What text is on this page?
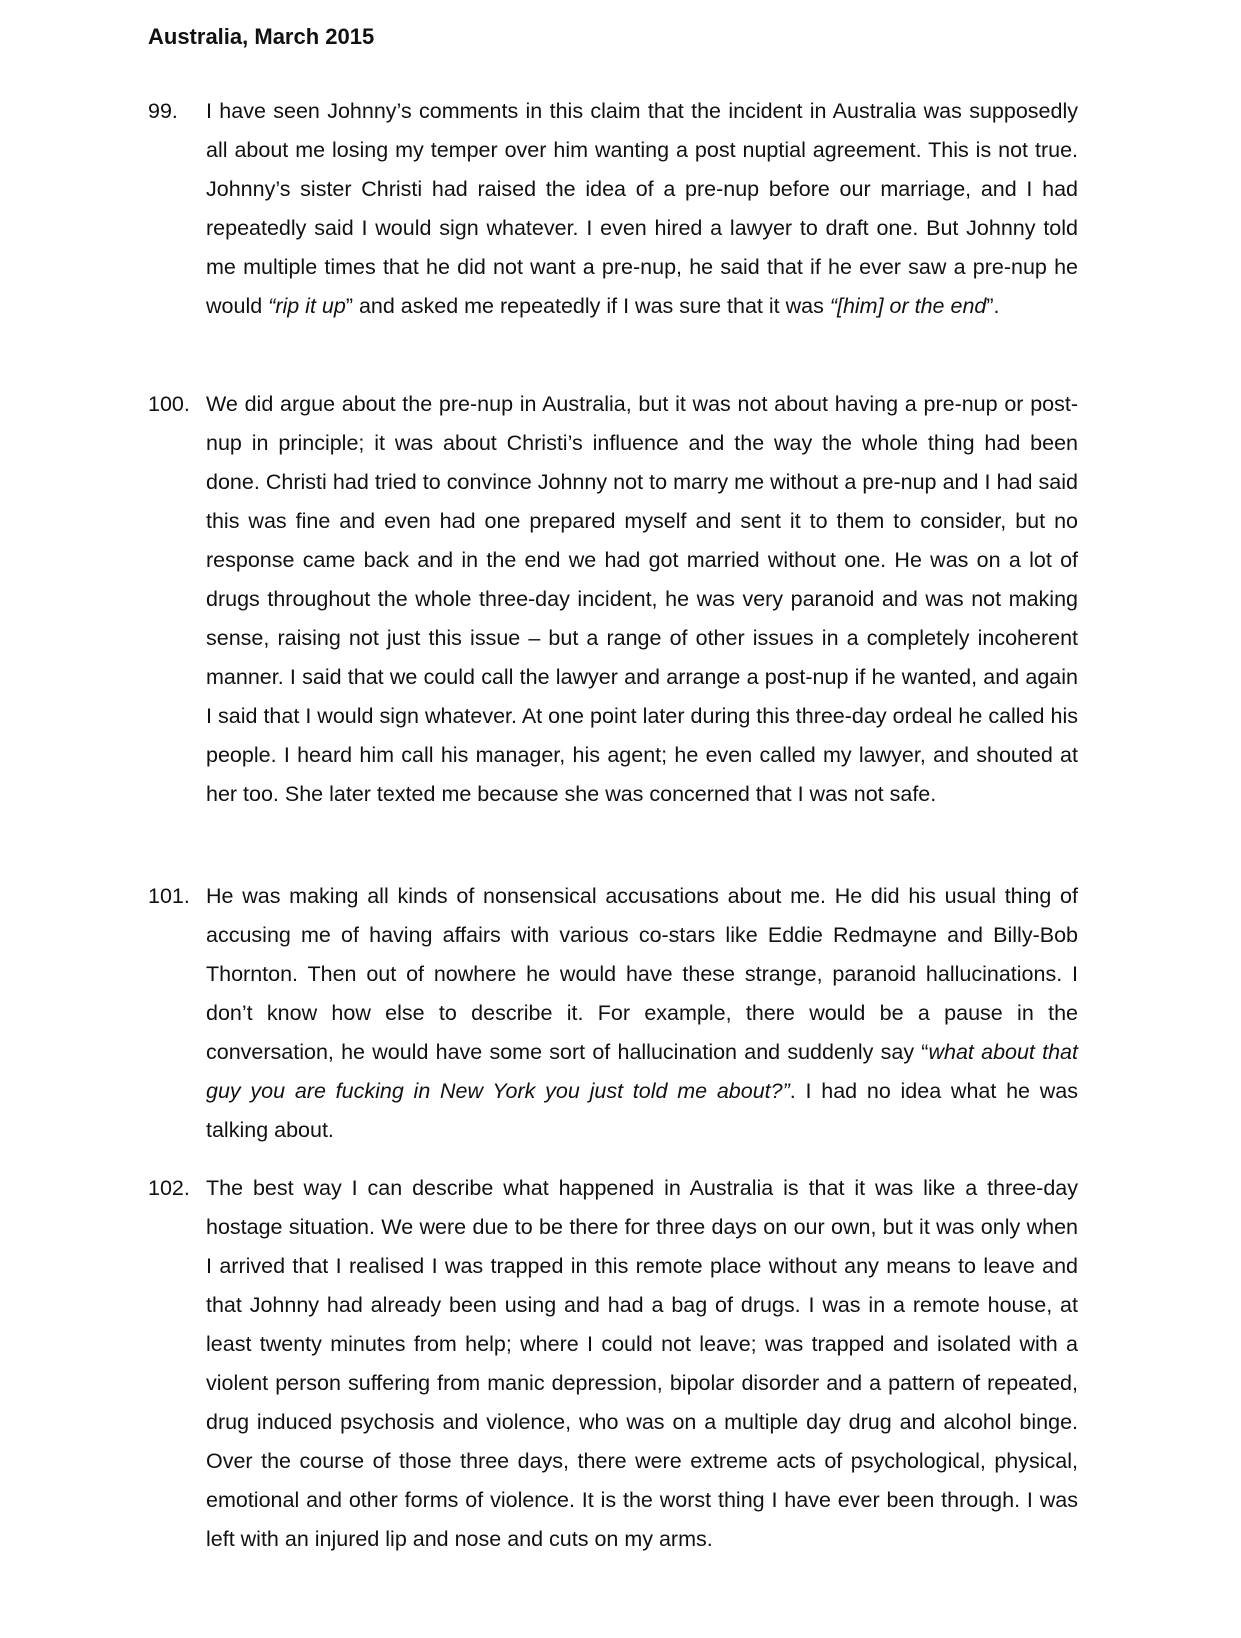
Australia, March 2015
99. I have seen Johnny’s comments in this claim that the incident in Australia was supposedly all about me losing my temper over him wanting a post nuptial agreement. This is not true. Johnny’s sister Christi had raised the idea of a pre-nup before our marriage, and I had repeatedly said I would sign whatever. I even hired a lawyer to draft one. But Johnny told me multiple times that he did not want a pre-nup, he said that if he ever saw a pre-nup he would “rip it up” and asked me repeatedly if I was sure that it was “[him] or the end”.
100. We did argue about the pre-nup in Australia, but it was not about having a pre-nup or post-nup in principle; it was about Christi’s influence and the way the whole thing had been done. Christi had tried to convince Johnny not to marry me without a pre-nup and I had said this was fine and even had one prepared myself and sent it to them to consider, but no response came back and in the end we had got married without one. He was on a lot of drugs throughout the whole three-day incident, he was very paranoid and was not making sense, raising not just this issue – but a range of other issues in a completely incoherent manner. I said that we could call the lawyer and arrange a post-nup if he wanted, and again I said that I would sign whatever. At one point later during this three-day ordeal he called his people. I heard him call his manager, his agent; he even called my lawyer, and shouted at her too. She later texted me because she was concerned that I was not safe.
101. He was making all kinds of nonsensical accusations about me. He did his usual thing of accusing me of having affairs with various co-stars like Eddie Redmayne and Billy-Bob Thornton. Then out of nowhere he would have these strange, paranoid hallucinations. I don’t know how else to describe it. For example, there would be a pause in the conversation, he would have some sort of hallucination and suddenly say “what about that guy you are fucking in New York you just told me about?”. I had no idea what he was talking about.
102. The best way I can describe what happened in Australia is that it was like a three-day hostage situation. We were due to be there for three days on our own, but it was only when I arrived that I realised I was trapped in this remote place without any means to leave and that Johnny had already been using and had a bag of drugs. I was in a remote house, at least twenty minutes from help; where I could not leave; was trapped and isolated with a violent person suffering from manic depression, bipolar disorder and a pattern of repeated, drug induced psychosis and violence, who was on a multiple day drug and alcohol binge. Over the course of those three days, there were extreme acts of psychological, physical, emotional and other forms of violence. It is the worst thing I have ever been through. I was left with an injured lip and nose and cuts on my arms.
